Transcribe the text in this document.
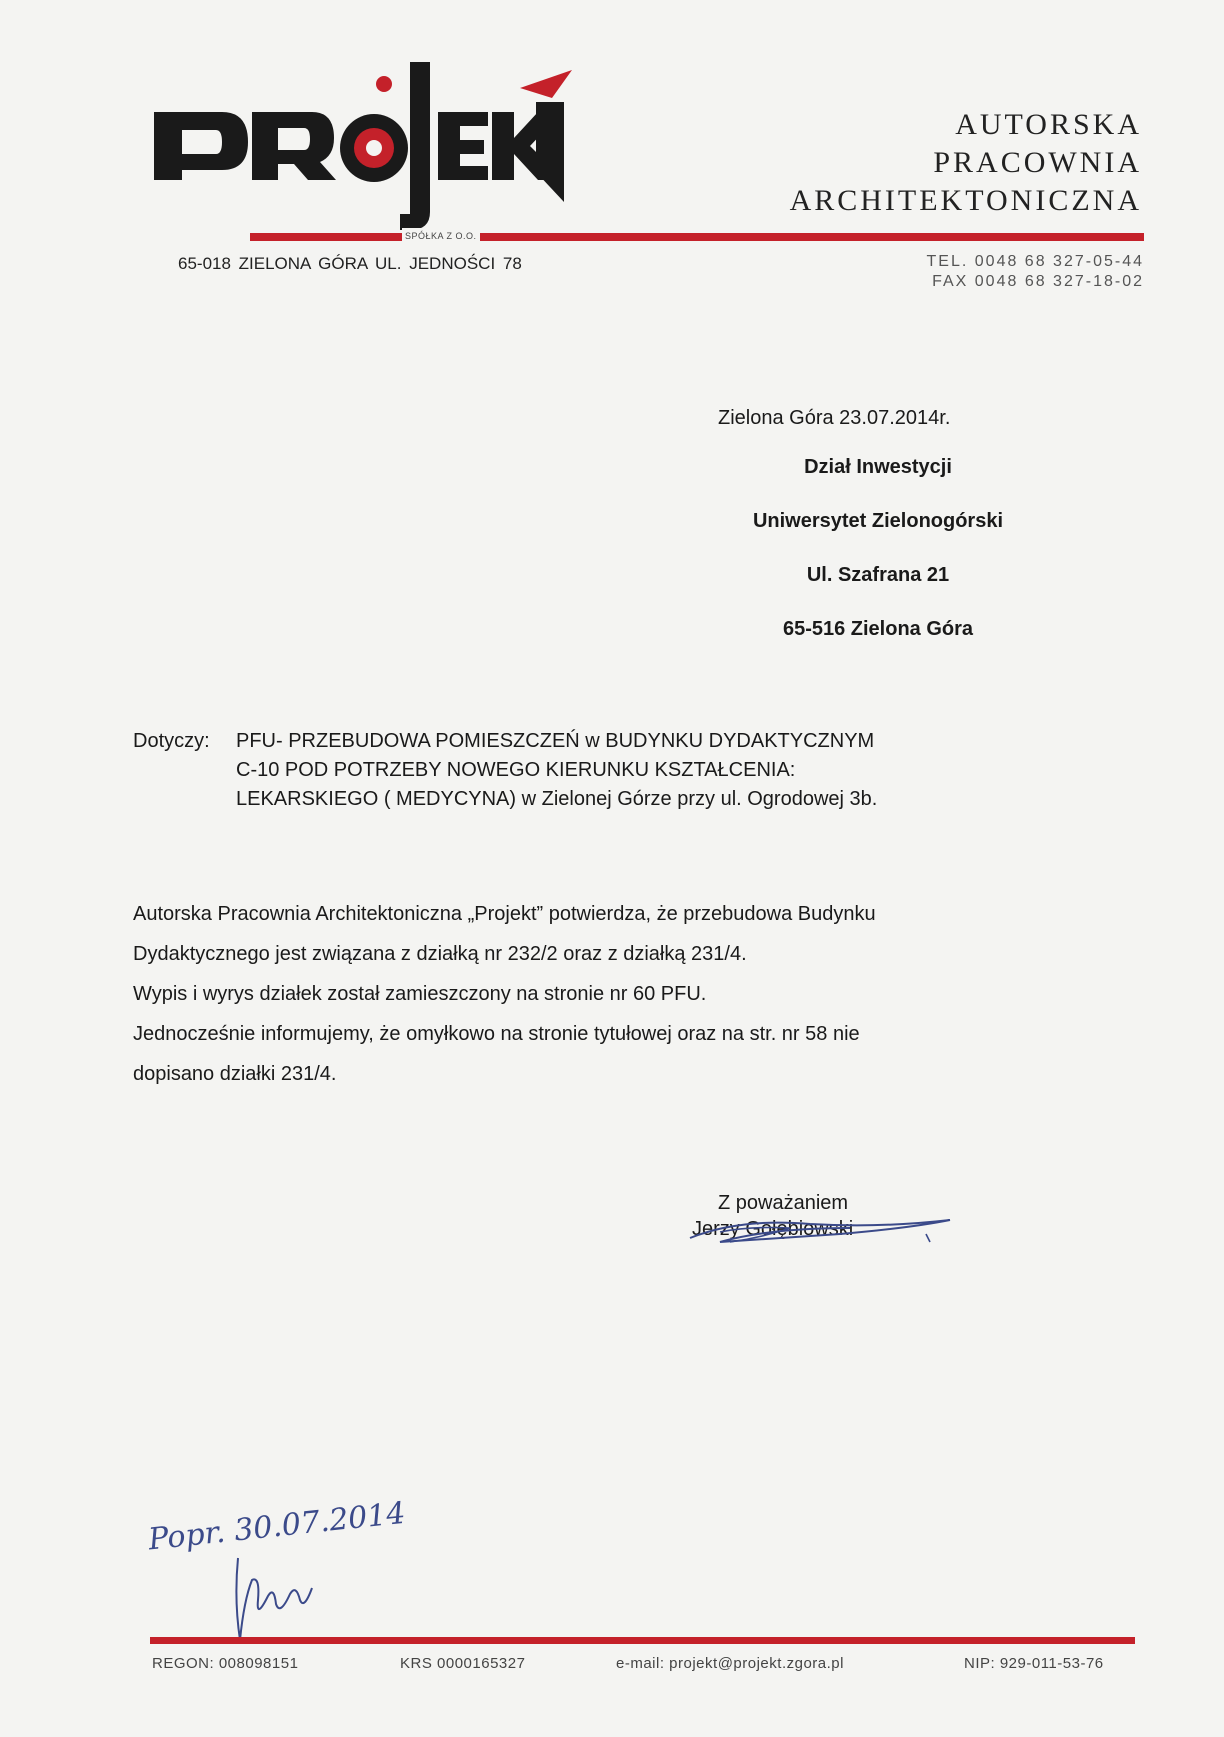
AUTORSKA
PRACOWNIA
ARCHITEKTONICZNA
SPÓŁKA Z O.O.
65-018 ZIELONA GÓRA UL. JEDNOŚCI 78	TEL. 0048 68 327-05-44
FAX 0048 68 327-18-02
Zielona Góra 23.07.2014r.
Dział Inwestycji
Uniwersytet Zielonogórski
Ul. Szafrana 21
65-516 Zielona Góra
Dotyczy: PFU- PRZEBUDOWA POMIESZCZEŃ w BUDYNKU DYDAKTYCZNYM
C-10 POD POTRZEBY NOWEGO KIERUNKU KSZTAŁCENIA:
LEKARSKIEGO ( MEDYCYNA) w Zielonej Górze przy ul. Ogrodowej 3b.
Autorska Pracownia Architektoniczna „Projekt” potwierdza, że przebudowa Budynku
Dydaktycznego jest związana z działką nr 232/2 oraz z działką 231/4.
Wypis i wyrys działek został zamieszczony na stronie nr 60 PFU.
Jednocześnie informujemy, że omyłkowo na stronie tytułowej oraz na str. nr 58 nie
dopisano działki 231/4.
Z poważaniem
Jerzy Gołębiowski
Popr. 30.07.2014
REGON: 008098151	KRS 0000165327	e-mail: projekt@projekt.zgora.pl	NIP: 929-011-53-76
